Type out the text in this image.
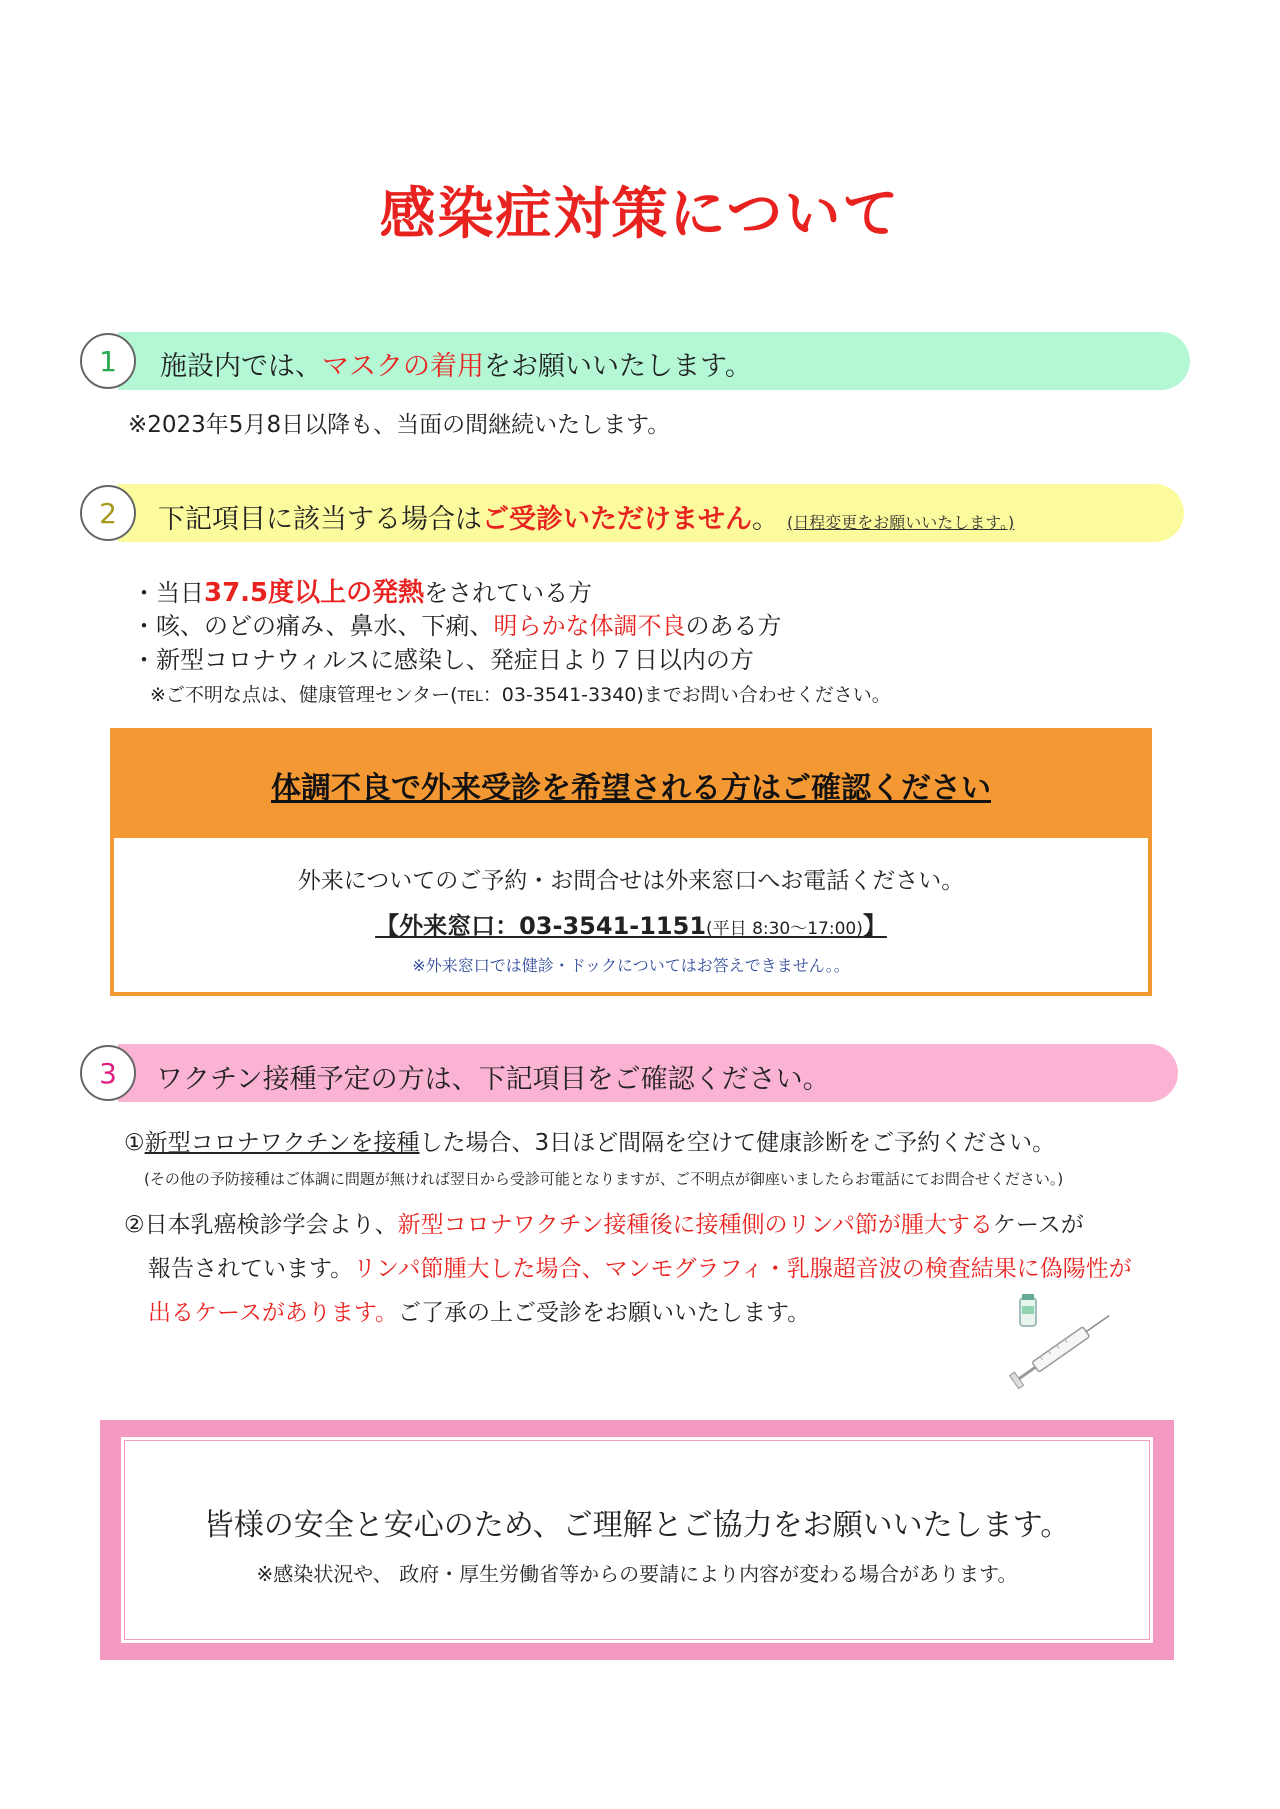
感染症対策について
1	施設内では、マスクの着用をお願いいたします。
※2023年5月8日以降も、当面の間継続いたします。
2	下記項目に該当する場合はご受診いただけません。 (日程変更をお願いいたします。)
・当日37.5度以上の発熱をされている方
・咳、のどの痛み、鼻水、下痢、明らかな体調不良のある方
・新型コロナウィルスに感染し、発症日より７日以内の方
※ご不明な点は、健康管理センター(TEL：03-3541-3340)までお問い合わせください。
体調不良で外来受診を希望される方はご確認ください
外来についてのご予約・お問合せは外来窓口へお電話ください。
【外来窓口：03-3541-1151(平日 8:30～17:00)】
※外来窓口では健診・ドックについてはお答えできません。。
3	ワクチン接種予定の方は、下記項目をご確認ください。
①新型コロナワクチンを接種した場合、3日ほど間隔を空けて健康診断をご予約ください。
(その他の予防接種はご体調に問題が無ければ翌日から受診可能となりますが、ご不明点が御座いましたらお電話にてお問合せください。)
②日本乳癌検診学会より、新型コロナワクチン接種後に接種側のリンパ節が腫大するケースが
報告されています。リンパ節腫大した場合、マンモグラフィ・乳腺超音波の検査結果に偽陽性が
出るケースがあります。ご了承の上ご受診をお願いいたします。
皆様の安全と安心のため、ご理解とご協力をお願いいたします。
※感染状況や、 政府・厚生労働省等からの要請により内容が変わる場合があります。
